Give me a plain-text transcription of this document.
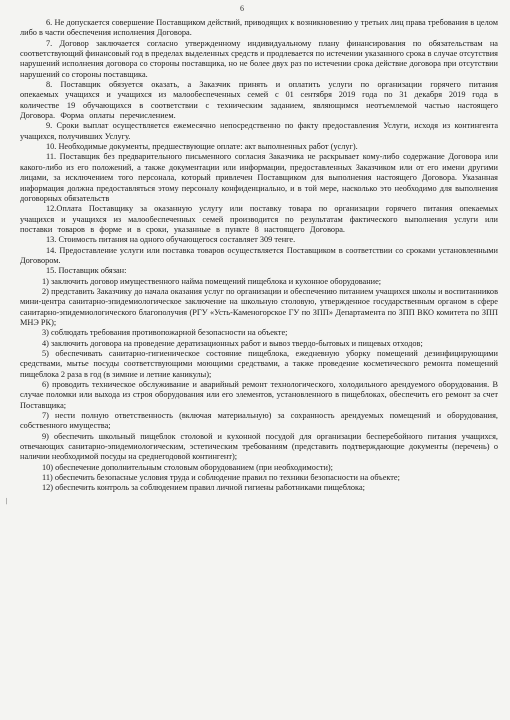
6

6. Не допускается совершение Поставщиком действий, приводящих к возникновению у третьих лиц права требования в целом либо в части обеспечения исполнения Договора.

7. Договор заключается согласно утвержденному индивидуальному плану финансирования по обязательствам на соответствующий финансовый год в пределах выделенных средств и продлевается по истечении указанного срока в случае отсутствия нарушений исполнения договора со стороны поставщика, но не более двух раз по истечении срока действие договора при отсутствии нарушений со стороны поставщика.

8. Поставщик обязуется оказать, а Заказчик принять и оплатить услуги по организации горячего питания опекаемых учащихся и учащихся из малообеспеченных семей с 01 сентября 2019 года по 31 декабря 2019 года в количестве 19 обучающихся в соответствии с техническим заданием, являющимся неотъемлемой частью настоящего Договора. Форма оплаты перечислением.

9. Сроки выплат осуществляется ежемесячно непосредственно по факту предоставления Услуги, исходя из контингента учащихся, получивших Услугу.

10. Необходимые документы, предшествующие оплате: акт выполненных работ (услуг).

11. Поставщик без предварительного письменного согласия Заказчика не раскрывает кому-либо содержание Договора или какого-либо из его положений, а также документации или информации, предоставленных Заказчиком или от его имени другими лицами, за исключением того персонала, который привлечен Поставщиком для выполнения настоящего Договора. Указанная информация должна предоставляться этому персоналу конфиденциально, и в той мере, насколько это необходимо для выполнения договорных обязательств

12.Оплата Поставщику за оказанную услугу или поставку товара по организации горячего питания опекаемых учащихся и учащихся из малообеспеченных семей производится по результатам фактического выполнения услуги или поставки товаров в форме и в сроки, указанные в пункте 8 настоящего Договора.

13. Стоимость питания на одного обучающегося составляет 309 тенге.

14. Предоставление услуги или поставка товаров осуществляется Поставщиком в соответствии со сроками установленными Договором.

15. Поставщик обязан:

1) заключить договор имущественного найма помещений пищеблока и кухонное оборудование;

2) представить Заказчику до начала оказания услуг по организации и обеспечению питанием учащихся школы и воспитанников мини-центра санитарно-эпидемиологическое заключение на школьную столовую, утвержденное государственным органом в сфере санитарно-эпидемиологического благополучия (РГУ «Усть-Каменогорское ГУ по ЗПП» Департамента по ЗПП ВКО комитета по ЗПП МНЭ РК);

3) соблюдать требования противопожарной безопасности на объекте;

4) заключить договора на проведение дератизационных работ и вывоз твердо-бытовых и пищевых отходов;

5) обеспечивать санитарно-гигиеническое состояние пищеблока, ежедневную уборку помещений дезинфицирующими средствами, мытье посуды соответствующими моющими средствами, а также проведение косметического ремонта помещений пищеблока 2 раза в год (в зимние и летние каникулы);

6) проводить техническое обслуживание и аварийный ремонт технологического, холодильного арендуемого оборудования. В случае поломки или выхода из строя оборудования или его элементов, установленного в пищеблоках, обеспечить его ремонт за счет Поставщика;

7) нести полную ответственность (включая материальную) за сохранность арендуемых помещений и оборудования, собственного имущества;

9) обеспечить школьный пищеблок столовой и кухонной посудой для организации бесперебойного питания учащихся, отвечающих санитарно-эпидемиологическим, эстетическим требованиям (представить подтверждающие документы (перечень) о наличии необходимой посуды на среднегодовой контингент);

10) обеспечение дополнительным столовым оборудованием (при необходимости);

11) обеспечить безопасные условия труда и соблюдение правил по техники безопасности на объекте;

12) обеспечить контроль за соблюдением правил личной гигиены работниками пищеблока;

/
